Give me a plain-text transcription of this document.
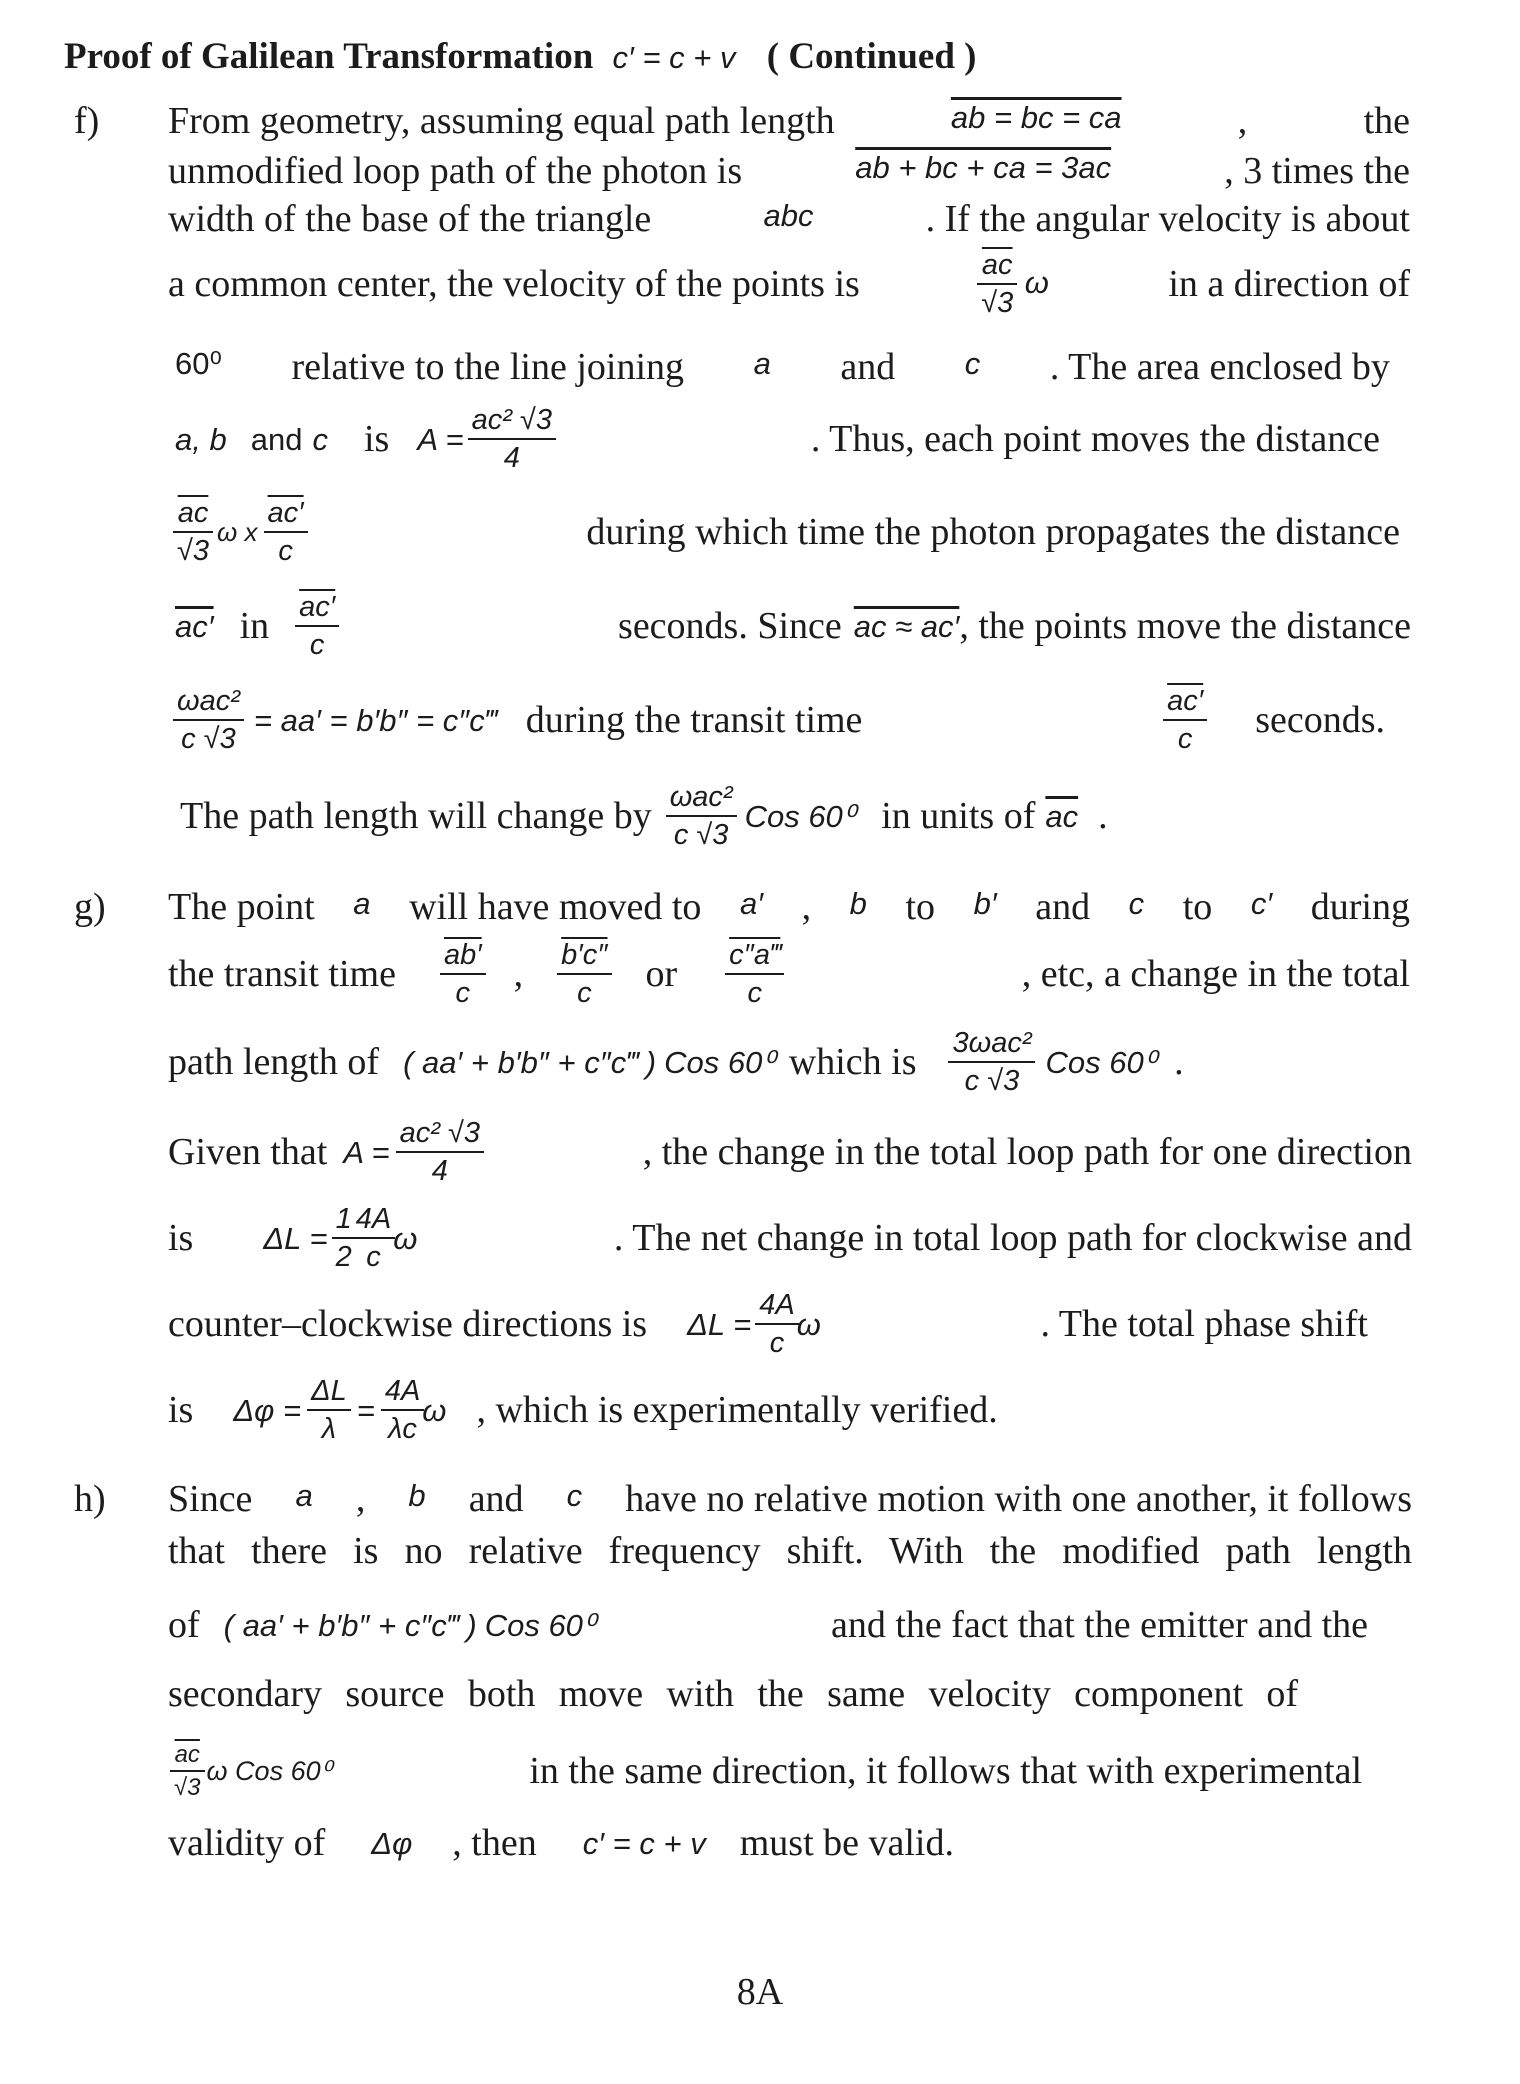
Proof of Galilean Transformation c′ = c + v ( Continued )
f) From geometry, assuming equal path length	ab = bc = ca	,	the
unmodified loop path of the photon is	ab + bc + ca = 3ac	, 3 times the
width of the base of the triangle	abc	. If the angular velocity is about
a common center, the velocity of the points is	$\frac{\overline{ac}}{√3}$ ω	in a direction of
60⁰ relative to the line joining a and c . The area enclosed by
a, b and c is $A = \frac{\text{ac² √3}}{4}$	. Thus, each point moves the distance
$\frac{\overline{ac}}{√3}$ ω x $\frac{ac'}{c}$	during which time the photon propagates the distance
ac′ in $\frac{ac'}{c}$	seconds. Since ac ≈ ac′ , the points move the distance
$\frac{\text{ωac²}}{c √3} = aa' = b'b''$ = c″c‴ during the transit time	$\frac{ac'}{c}$ seconds.
The path length will change by $\frac{\text{ωac²}}{c √3}$ Cos 60⁰ in units of $\overline{ac}$ .
g) The point a will have moved to a′ , b to b′ and c to c′ during
the transit time $\frac{ab'}{c}$ , $\frac{b'c''}{c}$ or $\frac{c''a‴}{c}$	, etc, a change in the total
path length of ( aa′ + b′b″ + c″c‴ ) Cos 60⁰ which is $\frac{\text{3ωac²}}{c √3}$ Cos 60⁰ .
Given that $A = \frac{\text{ac² √3}}{4}$	, the change in the total loop path for one direction
is $\Delta L = \frac{1}{2} \frac{4A}{c}$ ω	. The net change in total loop path for clockwise and
counter–clockwise directions is $\Delta L = \frac{4A}{c}$ ω	. The total phase shift
is $\Delta\varphi = \frac{\Delta L}{\lambda} = \frac{4A}{\lambda c}$ ω , which is experimentally verified.
h) Since a , b and c have no relative motion with one another, it follows
that there is no relative frequency shift. With the modified path length
of ( aa′ + b′b″ + c″c‴ ) Cos 60⁰	and the fact that the emitter and the
secondary source both move with the same velocity component of
$\frac{\overline{ac}}{√3}$ ω Cos 60⁰	in the same direction, it follows that with experimental
validity of Δφ , then c′ = c + v must be valid.
8A
